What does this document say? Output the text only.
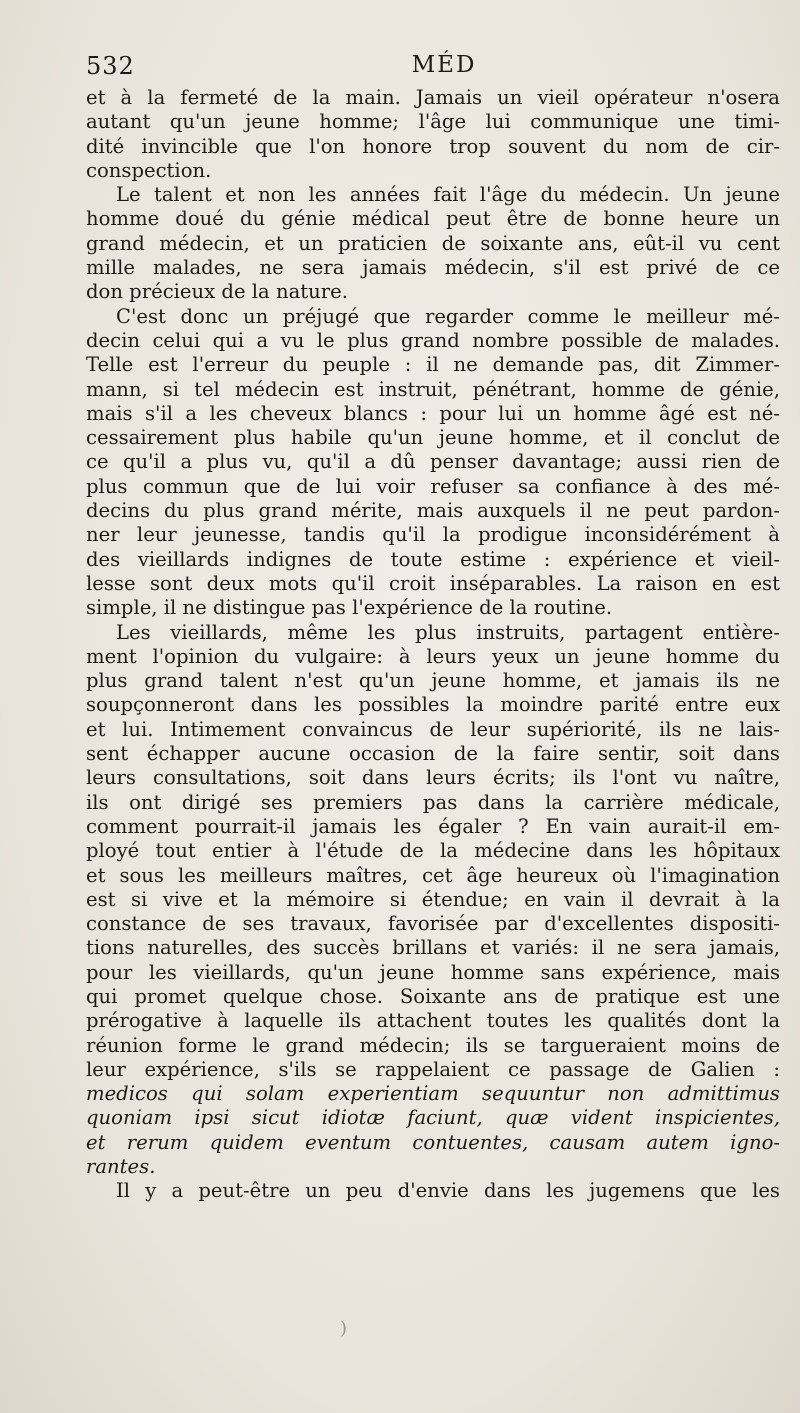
532	MÉD
et à la fermeté de la main. Jamais un vieil opérateur n'osera
autant qu'un jeune homme; l'âge lui communique une timi-
dité invincible que l'on honore trop souvent du nom de cir-
conspection.
Le talent et non les années fait l'âge du médecin. Un jeune
homme doué du génie médical peut être de bonne heure un
grand médecin, et un praticien de soixante ans, eût-il vu cent
mille malades, ne sera jamais médecin, s'il est privé de ce
don précieux de la nature.
C'est donc un préjugé que regarder comme le meilleur mé-
decin celui qui a vu le plus grand nombre possible de malades.
Telle est l'erreur du peuple : il ne demande pas, dit Zimmer-
mann, si tel médecin est instruit, pénétrant, homme de génie,
mais s'il a les cheveux blancs : pour lui un homme âgé est né-
cessairement plus habile qu'un jeune homme, et il conclut de
ce qu'il a plus vu, qu'il a dû penser davantage; aussi rien de
plus commun que de lui voir refuser sa confiance à des mé-
decins du plus grand mérite, mais auxquels il ne peut pardon-
ner leur jeunesse, tandis qu'il la prodigue inconsidérément à
des vieillards indignes de toute estime : expérience et vieil-
lesse sont deux mots qu'il croit inséparables. La raison en est
simple, il ne distingue pas l'expérience de la routine.
Les vieillards, même les plus instruits, partagent entière-
ment l'opinion du vulgaire: à leurs yeux un jeune homme du
plus grand talent n'est qu'un jeune homme, et jamais ils ne
soupçonneront dans les possibles la moindre parité entre eux
et lui. Intimement convaincus de leur supériorité, ils ne lais-
sent échapper aucune occasion de la faire sentir, soit dans
leurs consultations, soit dans leurs écrits; ils l'ont vu naître,
ils ont dirigé ses premiers pas dans la carrière médicale,
comment pourrait-il jamais les égaler ? En vain aurait-il em-
ployé tout entier à l'étude de la médecine dans les hôpitaux
et sous les meilleurs maîtres, cet âge heureux où l'imagination
est si vive et la mémoire si étendue; en vain il devrait à la
constance de ses travaux, favorisée par d'excellentes dispositi-
tions naturelles, des succès brillans et variés: il ne sera jamais,
pour les vieillards, qu'un jeune homme sans expérience, mais
qui promet quelque chose. Soixante ans de pratique est une
prérogative à laquelle ils attachent toutes les qualités dont la
réunion forme le grand médecin; ils se targueraient moins de
leur expérience, s'ils se rappelaient ce passage de Galien :
medicos qui solam experientiam sequuntur non admittimus
quoniam ipsi sicut idiotæ faciunt, quæ vident inspicientes,
et rerum quidem eventum contuentes, causam autem igno-
rantes.
Il y a peut-être un peu d'envie dans les jugemens que les
)
